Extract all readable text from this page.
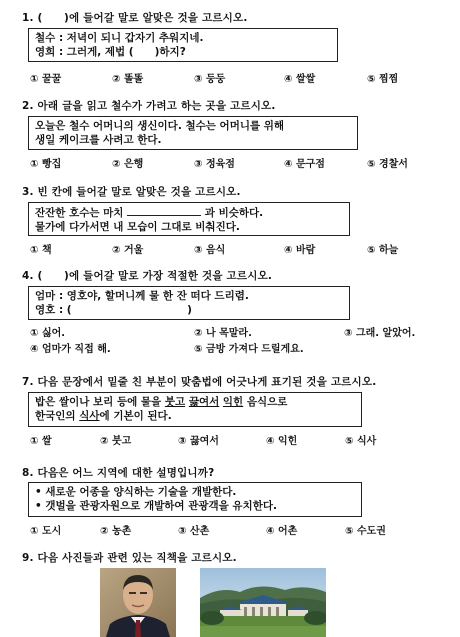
1. (　　)에 들어갈 말로 알맞은 것을 고르시오.
철수 : 저녁이 되니 갑자기 추워지네.
영희 : 그러게, 제법 (　　)하지?
① 꿀꿀	② 똘똘	③ 둥둥	④ 쌀쌀	⑤ 찜찜
2. 아래 글을 읽고 철수가 가려고 하는 곳을 고르시오.
오늘은 철수 어머니의 생신이다. 철수는 어머니를 위해
생일 케이크를 사려고 한다.
① 빵집	② 은행	③ 정육점	④ 문구점	⑤ 경찰서
3. 빈 칸에 들어갈 말로 알맞은 것을 고르시오.
잔잔한 호수는 마치	과 비슷하다.
물가에 다가서면 내 모습이 그대로 비춰진다.
① 책	② 거울	③ 음식	④ 바람	⑤ 하늘
4. (　　)에 들어갈 말로 가장 적절한 것을 고르시오.
엄마 : 영호야, 할머니께 물 한 잔 떠다 드리렴.
영호 : (　　　　　　　　　　　)
① 싫어.	② 나 목말라.	③ 그래. 알았어.
④ 엄마가 직접 해.	⑤ 금방 가져다 드릴게요.
7. 다음 문장에서 밑줄 친 부분이 맞춤법에 어긋나게 표기된 것을 고르시오.
밥은 쌀이나 보리 등에 물을 붓고 끓여서 익힌 음식으로
한국인의 식사에 기본이 된다.
① 쌀	② 붓고	③ 끓여서	④ 익힌	⑤ 식사
8. 다음은 어느 지역에 대한 설명입니까?
• 새로운 어종을 양식하는 기술을 개발한다.
• 갯벌을 관광자원으로 개발하여 관광객을 유치한다.
① 도시	② 농촌	③ 산촌	④ 어촌	⑤ 수도권
9. 다음 사진들과 관련 있는 직책을 고르시오.
